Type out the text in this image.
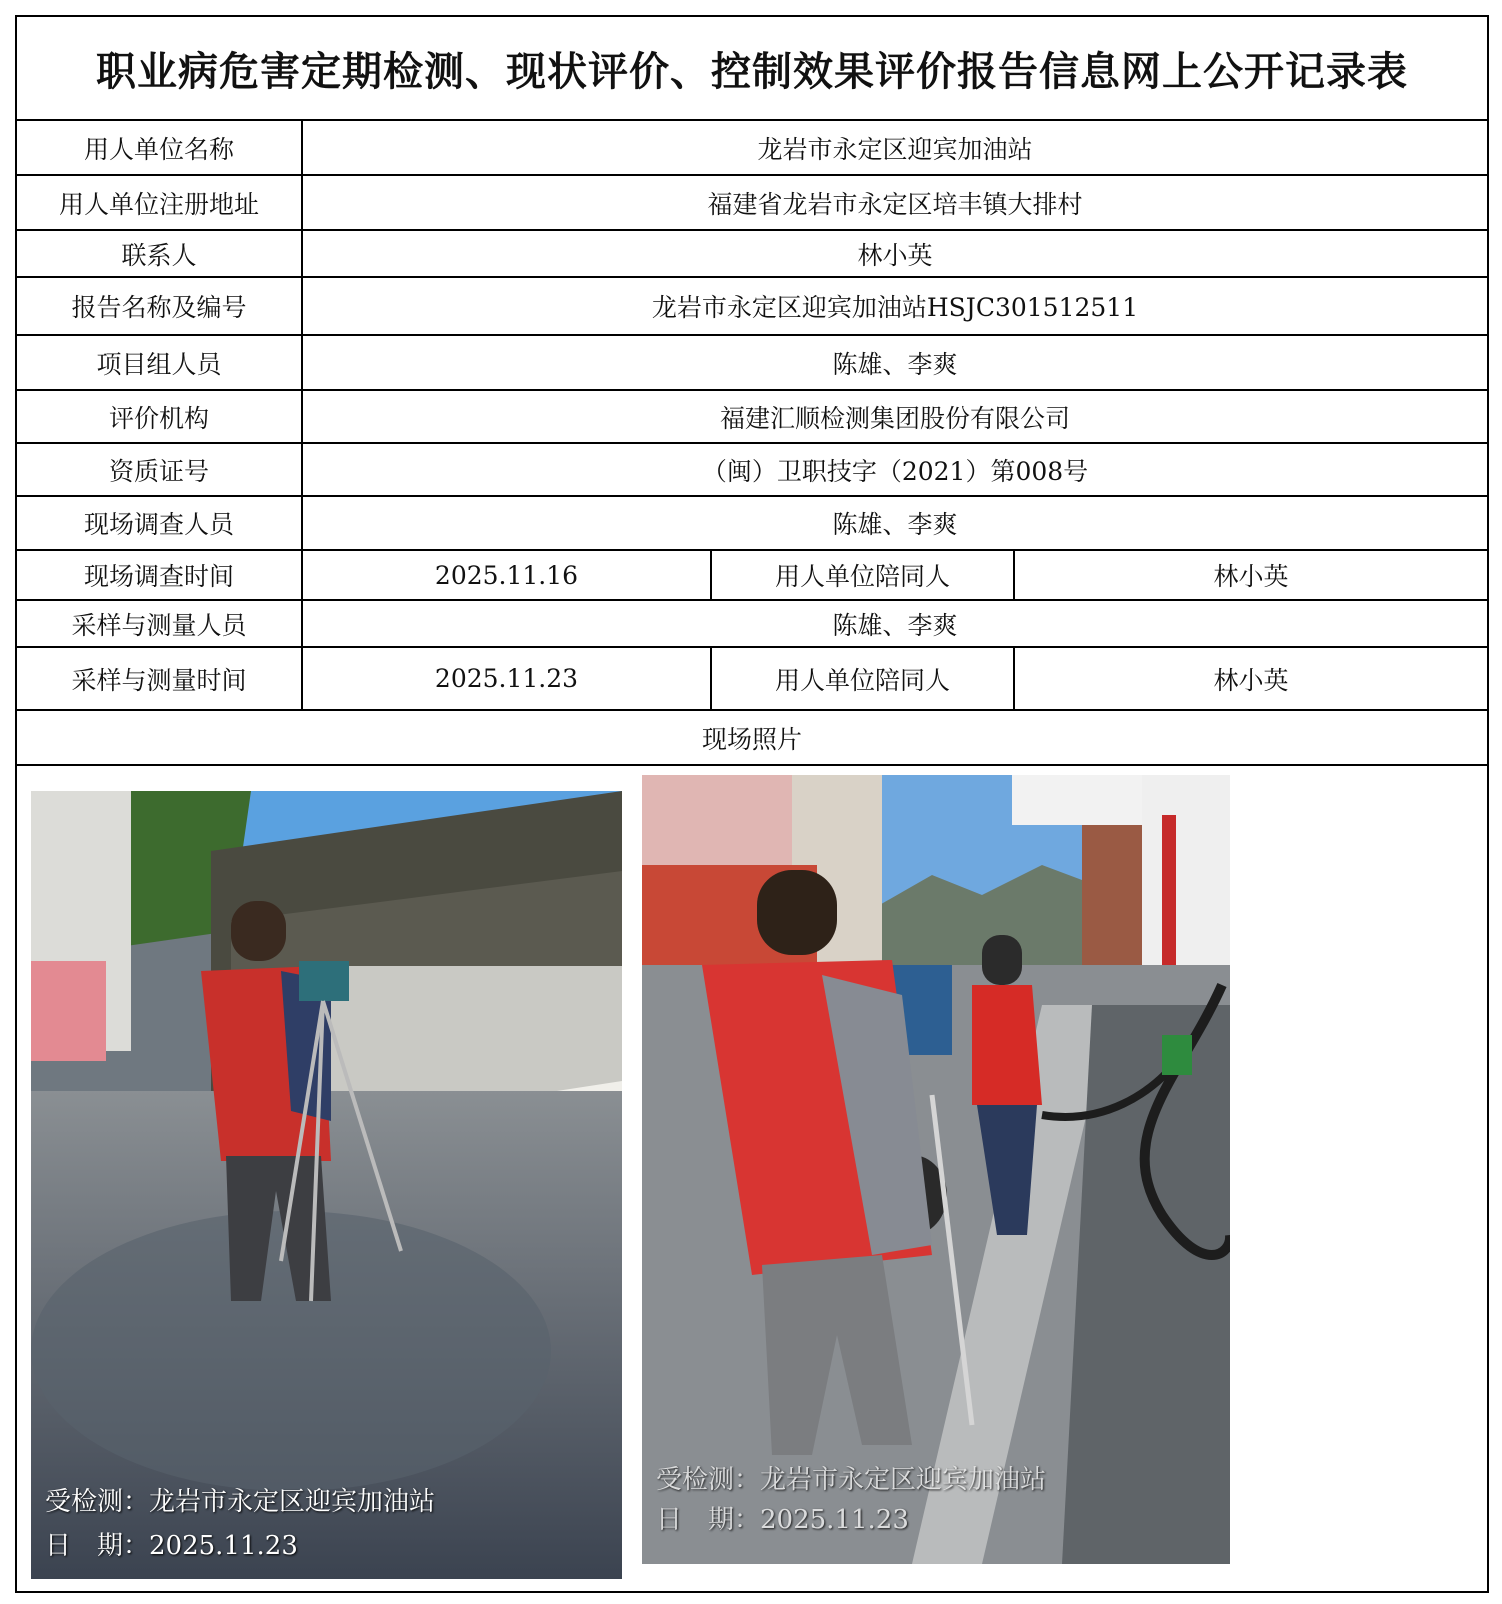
职业病危害定期检测、现状评价、控制效果评价报告信息网上公开记录表
用人单位名称	龙岩市永定区迎宾加油站		
用人单位注册地址	福建省龙岩市永定区培丰镇大排村		
联系人	林小英		
报告名称及编号	龙岩市永定区迎宾加油站HSJC301512511		
项目组人员	陈雄、李爽		
评价机构	福建汇顺检测集团股份有限公司		
资质证号	（闽）卫职技字（2021）第008号		
现场调查人员	陈雄、李爽		
现场调查时间	2025.11.16	用人单位陪同人	林小英
采样与测量人员	陈雄、李爽		
采样与测量时间	2025.11.23	用人单位陪同人	林小英
现场照片
受检测：龙岩市永定区迎宾加油站
日　期：2025.11.23
受检测：龙岩市永定区迎宾加油站
日　期：2025.11.23
